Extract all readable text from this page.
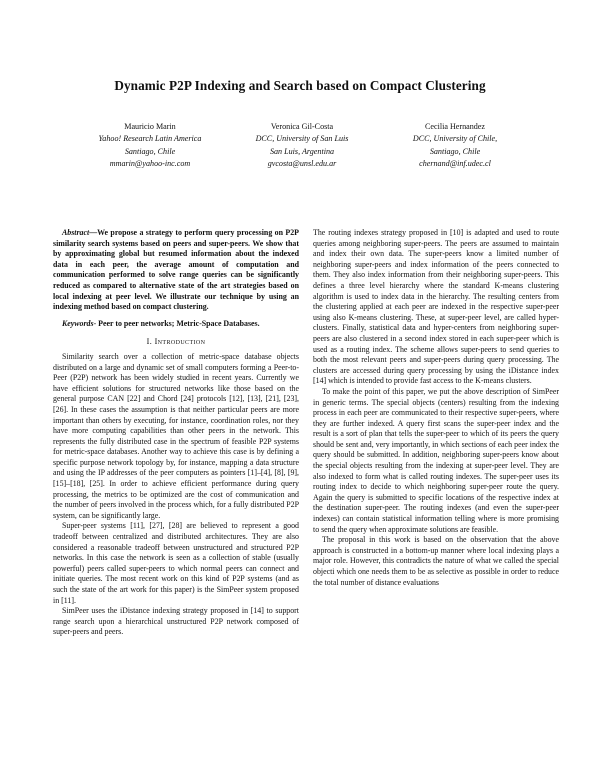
Dynamic P2P Indexing and Search based on Compact Clustering
Mauricio Marin
Yahoo! Research Latin America
Santiago, Chile
mmarin@yahoo-inc.com
Veronica Gil-Costa
DCC, University of San Luis
San Luis, Argentina
gvcosta@unsl.edu.ar
Cecilia Hernandez
DCC, University of Chile,
Santiago, Chile
chernand@inf.udec.cl
Abstract—We propose a strategy to perform query processing on P2P similarity search systems based on peers and super-peers. We show that by approximating global but resumed information about the indexed data in each peer, the average amount of computation and communication performed to solve range queries can be significantly reduced as compared to alternative state of the art strategies based on local indexing at peer level. We illustrate our technique by using an indexing method based on compact clustering.
Keywords- Peer to peer networks; Metric-Space Databases.
I. Introduction

Similarity search over a collection of metric-space database objects distributed on a large and dynamic set of small computers forming a Peer-to-Peer (P2P) network has been widely studied in recent years. Currently we have efficient solutions for structured networks like those based on the general purpose CAN [22] and Chord [24] protocols [12], [13], [21], [23], [26]. In these cases the assumption is that neither particular peers are more important than others by executing, for instance, coordination roles, nor they have more computing capabilities than other peers in the network. This represents the fully distributed case in the spectrum of feasible P2P systems for metric-space databases. Another way to achieve this case is by defining a specific purpose network topology by, for instance, mapping a data structure and using the IP addresses of the peer computers as pointers [1]–[4], [8], [9], [15]–[18], [25]. In order to achieve efficient performance during query processing, the metrics to be optimized are the cost of communication and the number of peers involved in the process which, for a fully distributed P2P system, can be significantly large.

Super-peer systems [11], [27], [28] are believed to represent a good tradeoff between centralized and distributed architectures. They are also considered a reasonable tradeoff between unstructured and structured P2P networks. In this case the network is seen as a collection of stable (usually powerful) peers called super-peers to which normal peers can connect and initiate queries. The most recent work on this kind of P2P systems (and as such the state of the art work for this paper) is the SimPeer system proposed in [11].

SimPeer uses the iDistance indexing strategy proposed in [14] to support range search upon a hierarchical unstructured P2P network composed of super-peers and peers.

The routing indexes strategy proposed in [10] is adapted and used to route queries among neighboring super-peers. The peers are assumed to maintain and index their own data. The super-peers know a limited number of neighboring super-peers and index information of the peers connected to them. They also index information from their neighboring super-peers. This defines a three level hierarchy where the standard K-means clustering algorithm is used to index data in the hierarchy. The resulting centers from the clustering applied at each peer are indexed in the respective super-peer using also K-means clustering. These, at super-peer level, are called hyper-clusters. Finally, statistical data and hyper-centers from neighboring super-peers are also clustered in a second index stored in each super-peer which is used as a routing index. The scheme allows super-peers to send queries to both the most relevant peers and super-peers during query processing. The clusters are accessed during query processing by using the iDistance index [14] which is intended to provide fast access to the K-means clusters.

To make the point of this paper, we put the above description of SimPeer in generic terms. The special objects (centers) resulting from the indexing process in each peer are communicated to their respective super-peers, where they are further indexed. A query first scans the super-peer index and the result is a sort of plan that tells the super-peer to which of its peers the query should be sent and, very importantly, in which sections of each peer index the query should be submitted. In addition, neighboring super-peers know about the special objects resulting from the indexing at super-peer level. They are also indexed to form what is called routing indexes. The super-peer uses its routing index to decide to which neighboring super-peer route the query. Again the query is submitted to specific locations of the respective index at the destination super-peer. The routing indexes (and even the super-peer indexes) can contain statistical information telling where is more promising to send the query when approximate solutions are feasible.

The proposal in this work is based on the observation that the above approach is constructed in a bottom-up manner where local indexing plays a major role. However, this contradicts the nature of what we called the special objecti which one needs them to be as selective as possible in order to reduce the total number of distance evaluations
